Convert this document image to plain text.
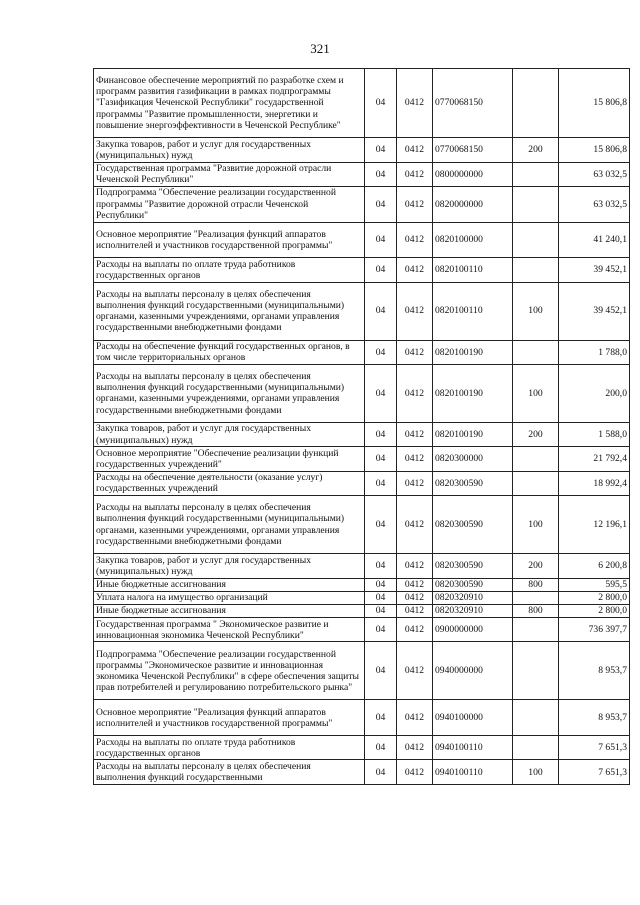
321
Финансовое обеспечение мероприятий по разработке схем и программ развития газификации в рамках подпрограммы "Газификация Чеченской Республики" государственной программы "Развитие промышленности, энергетики и повышение энергоэффективности в Чеченской Республике"	04	0412	0770068150		15 806,8
Закупка товаров, работ и услуг для государственных (муниципальных) нужд	04	0412	0770068150	200	15 806,8
Государственная программа "Развитие дорожной отрасли Чеченской Республики"	04	0412	0800000000		63 032,5
Подпрограмма "Обеспечение реализации государственной программы "Развитие дорожной отрасли Чеченской Республики"	04	0412	0820000000		63 032,5
Основное мероприятие "Реализация функций аппаратов исполнителей и участников государственной программы"	04	0412	0820100000		41 240,1
Расходы на выплаты по оплате труда работников государственных органов	04	0412	0820100110		39 452,1
Расходы на выплаты персоналу в целях обеспечения выполнения функций государственными (муниципальными) органами, казенными учреждениями, органами управления государственными внебюджетными фондами	04	0412	0820100110	100	39 452,1
Расходы на обеспечение функций государственных органов, в том числе территориальных органов	04	0412	0820100190		1 788,0
Расходы на выплаты персоналу в целях обеспечения выполнения функций государственными (муниципальными) органами, казенными учреждениями, органами управления государственными внебюджетными фондами	04	0412	0820100190	100	200,0
Закупка товаров, работ и услуг для государственных (муниципальных) нужд	04	0412	0820100190	200	1 588,0
Основное мероприятие "Обеспечение реализации функций государственных учреждений"	04	0412	0820300000		21 792,4
Расходы на обеспечение деятельности (оказание услуг) государственных учреждений	04	0412	0820300590		18 992,4
Расходы на выплаты персоналу в целях обеспечения выполнения функций государственными (муниципальными) органами, казенными учреждениями, органами управления государственными внебюджетными фондами	04	0412	0820300590	100	12 196,1
Закупка товаров, работ и услуг для государственных (муниципальных) нужд	04	0412	0820300590	200	6 200,8
Иные бюджетные ассигнования	04	0412	0820300590	800	595,5
Уплата налога на имущество организаций	04	0412	0820320910		2 800,0
Иные бюджетные ассигнования	04	0412	0820320910	800	2 800,0
Государственная программа " Экономическое развитие и инновационная экономика Чеченской Республики"	04	0412	0900000000		736 397,7
Подпрограмма "Обеспечение реализации государственной программы "Экономическое развитие и инновационная экономика Чеченской Республики" в сфере обеспечения защиты прав потребителей и регулированию потребительского рынка"	04	0412	0940000000		8 953,7
Основное мероприятие "Реализация функций аппаратов исполнителей и участников государственной программы"	04	0412	0940100000		8 953,7
Расходы на выплаты по оплате труда работников государственных органов	04	0412	0940100110		7 651,3
Расходы на выплаты персоналу в целях обеспечения выполнения функций государственными	04	0412	0940100110	100	7 651,3
